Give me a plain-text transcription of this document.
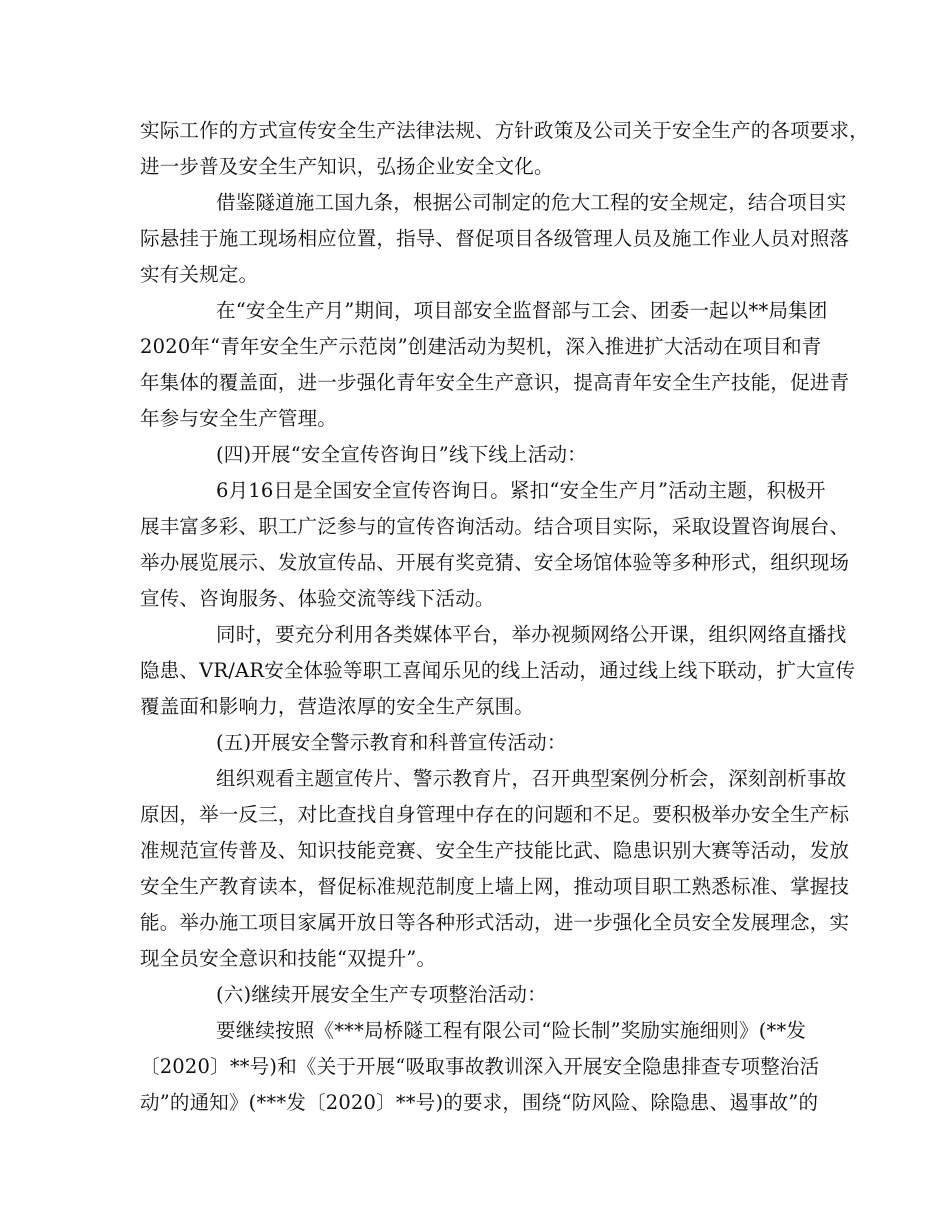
实际工作的方式宣传安全生产法律法规、方针政策及公司关于安全生产的各项要求，
进一步普及安全生产知识，弘扬企业安全文化。
借鉴隧道施工国九条，根据公司制定的危大工程的安全规定，结合项目实
际悬挂于施工现场相应位置，指导、督促项目各级管理人员及施工作业人员对照落
实有关规定。
在“安全生产月”期间，项目部安全监督部与工会、团委一起以**局集团
2020年“青年安全生产示范岗”创建活动为契机，深入推进扩大活动在项目和青
年集体的覆盖面，进一步强化青年安全生产意识，提高青年安全生产技能，促进青
年参与安全生产管理。
(四)开展“安全宣传咨询日”线下线上活动：
6月16日是全国安全宣传咨询日。紧扣“安全生产月”活动主题，积极开
展丰富多彩、职工广泛参与的宣传咨询活动。结合项目实际，采取设置咨询展台、
举办展览展示、发放宣传品、开展有奖竞猜、安全场馆体验等多种形式，组织现场
宣传、咨询服务、体验交流等线下活动。
同时，要充分利用各类媒体平台，举办视频网络公开课，组织网络直播找
隐患、VR/AR安全体验等职工喜闻乐见的线上活动，通过线上线下联动，扩大宣传
覆盖面和影响力，营造浓厚的安全生产氛围。
(五)开展安全警示教育和科普宣传活动：
组织观看主题宣传片、警示教育片，召开典型案例分析会，深刻剖析事故
原因，举一反三，对比查找自身管理中存在的问题和不足。要积极举办安全生产标
准规范宣传普及、知识技能竞赛、安全生产技能比武、隐患识别大赛等活动，发放
安全生产教育读本，督促标准规范制度上墙上网，推动项目职工熟悉标准、掌握技
能。举办施工项目家属开放日等各种形式活动，进一步强化全员安全发展理念，实
现全员安全意识和技能“双提升”。
(六)继续开展安全生产专项整治活动：
要继续按照《***局桥隧工程有限公司“险长制”奖励实施细则》(**发
〔2020〕**号)和《关于开展“吸取事故教训深入开展安全隐患排查专项整治活
动”的通知》(***发〔2020〕**号)的要求，围绕“防风险、除隐患、遏事故”的
